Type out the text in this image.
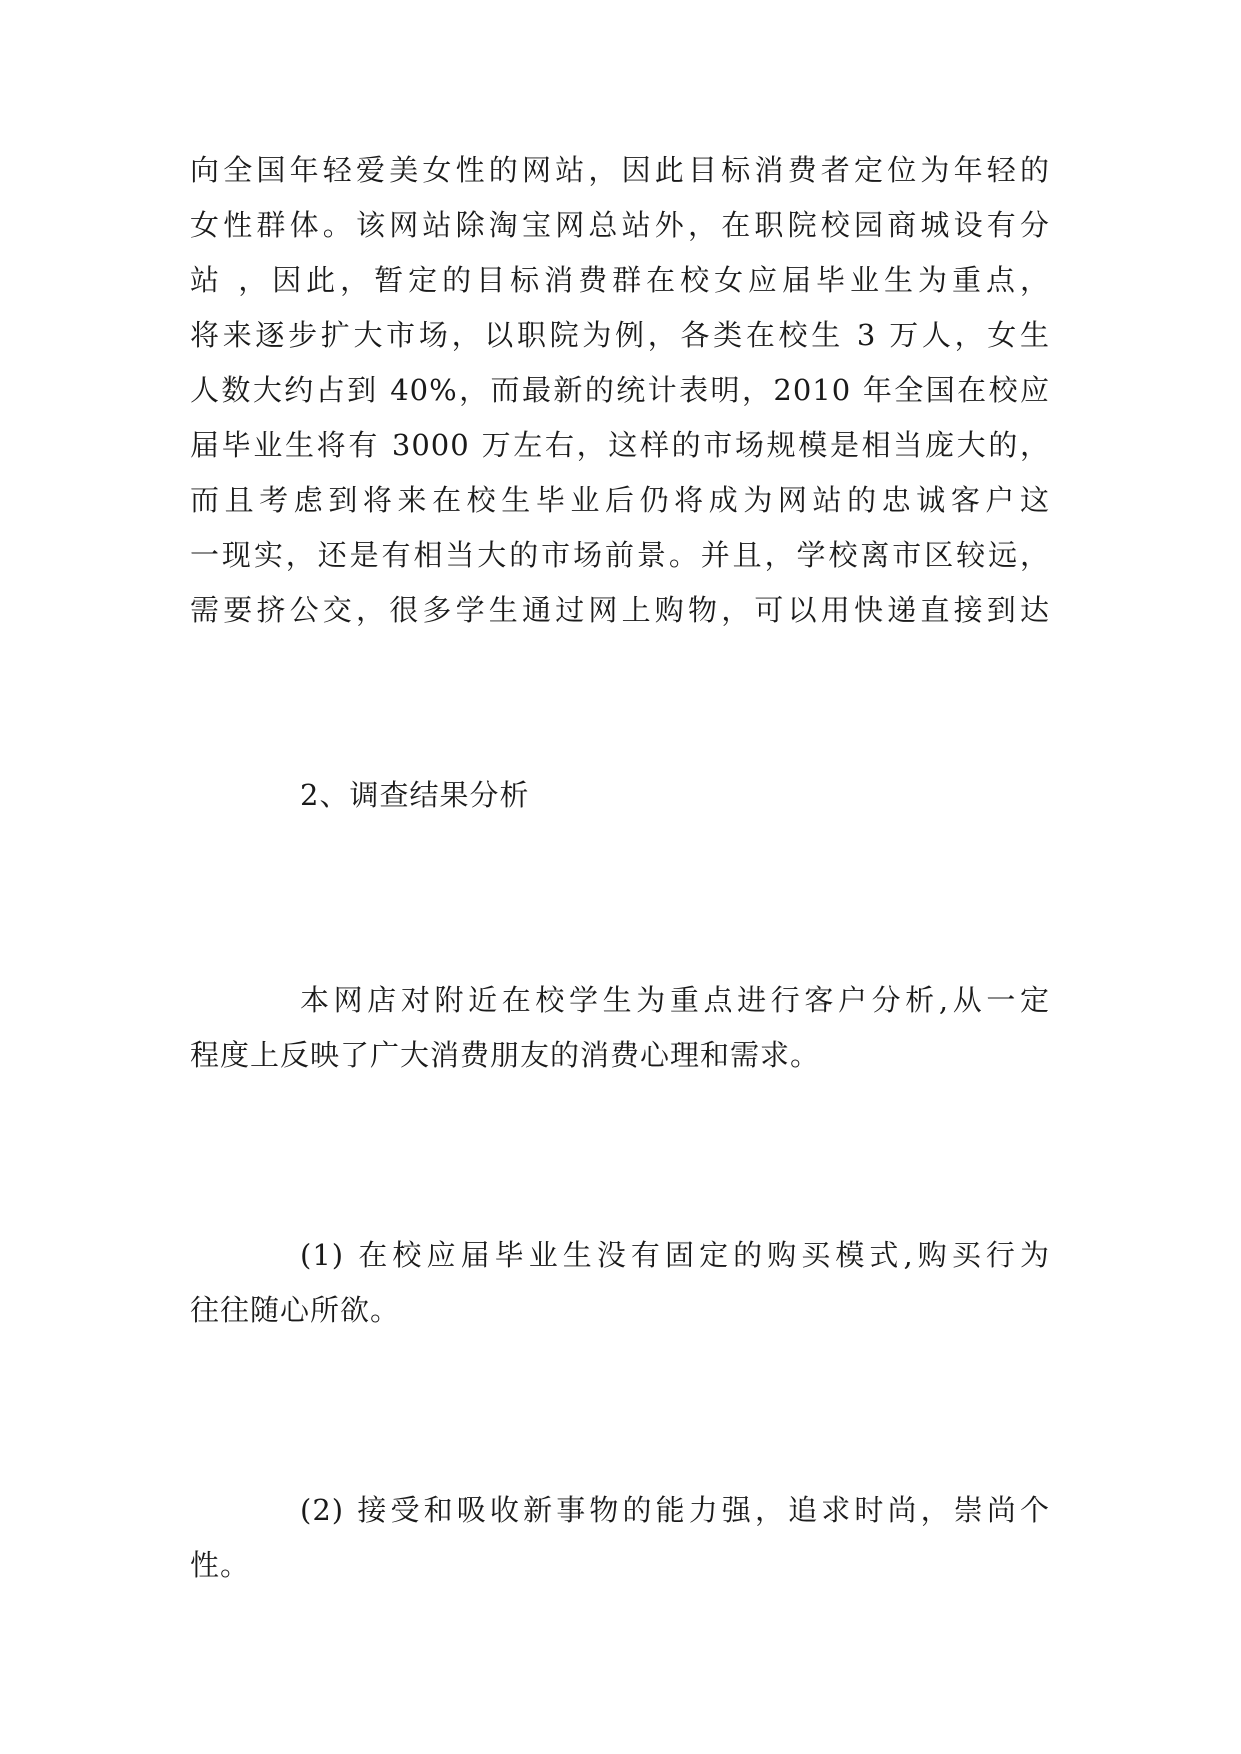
向全国年轻爱美女性的网站，因此目标消费者定位为年轻的
女性群体。该网站除淘宝网总站外，在职院校园商城设有分
站 ，因此，暂定的目标消费群在校女应届毕业生为重点，
将来逐步扩大市场，以职院为例，各类在校生 3 万人，女生
人数大约占到 40%，而最新的统计表明，2010 年全国在校应
届毕业生将有 3000 万左右，这样的市场规模是相当庞大的，
而且考虑到将来在校生毕业后仍将成为网站的忠诚客户这
一现实，还是有相当大的市场前景。并且，学校离市区较远，
需要挤公交，很多学生通过网上购物，可以用快递直接到达
2、调查结果分析
本网店对附近在校学生为重点进行客户分析,从一定
程度上反映了广大消费朋友的消费心理和需求。
(1) 在校应届毕业生没有固定的购买模式,购买行为
往往随心所欲。
(2) 接受和吸收新事物的能力强，追求时尚，崇尚个
性。
